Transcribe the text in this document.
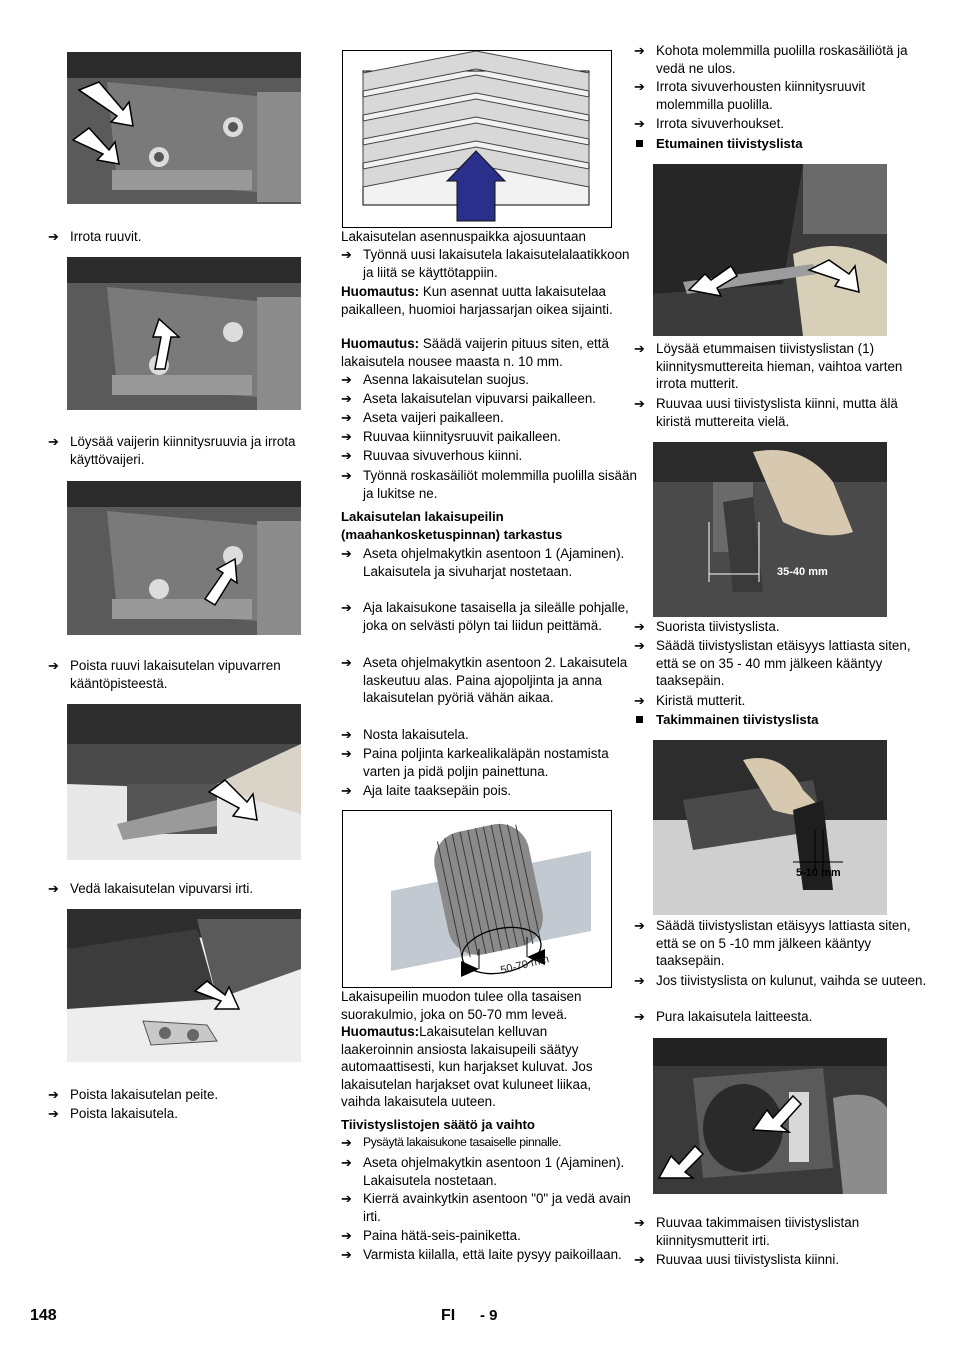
➔ Irrota ruuvit.
➔ Löysää vaijerin kiinnitysruuvia ja irrota käyttövaijeri.
➔ Poista ruuvi lakaisutelan vipuvarren kääntöpisteestä.
➔ Vedä lakaisutelan vipuvarsi irti.
➔ Poista lakaisutelan peite.
➔ Poista lakaisutela.
Lakaisutelan asennuspaikka ajosuuntaan
➔ Työnnä uusi lakaisutela lakaisutelalaatikkoon ja liitä se käyttötappiin.
Huomautus: Kun asennat uutta lakaisutelaa paikalleen, huomioi harjassarjan oikea sijainti.
Huomautus: Säädä vaijerin pituus siten, että lakaisutela nousee maasta n. 10 mm.
➔ Asenna lakaisutelan suojus.
➔ Aseta lakaisutelan vipuvarsi paikalleen.
➔ Aseta vaijeri paikalleen.
➔ Ruuvaa kiinnitysruuvit paikalleen.
➔ Ruuvaa sivuverhous kiinni.
➔ Työnnä roskasäiliöt molemmilla puolilla sisään ja lukitse ne.
Lakaisutelan lakaisupeilin (maahankosketuspinnan) tarkastus
➔ Aseta ohjelmakytkin asentoon 1 (Ajaminen). Lakaisutela ja sivuharjat nostetaan.
➔ Aja lakaisukone tasaisella ja sileälle pohjalle, joka on selvästi pölyn tai liidun peittämä.
➔ Aseta ohjelmakytkin asentoon 2. Lakaisutela laskeutuu alas. Paina ajopoljinta ja anna lakaisutelan pyöriä vähän aikaa.
➔ Nosta lakaisutela.
➔ Paina poljinta karkealikaläpän nostamista varten ja pidä poljin painettuna.
➔ Aja laite taaksepäin pois.
50-70 mm
Lakaisupeilin muodon tulee olla tasaisen suorakulmio, joka on 50-70 mm leveä.
Huomautus:Lakaisutelan kelluvan laakeroinnin ansiosta lakaisupeili säätyy automaattisesti, kun harjakset kuluvat. Jos lakaisutelan harjakset ovat kuluneet liikaa, vaihda lakaisutela uuteen.
Tiivistyslistojen säätö ja vaihto
➔ Pysäytä lakaisukone tasaiselle pinnalle.
➔ Aseta ohjelmakytkin asentoon 1 (Ajaminen). Lakaisutela nostetaan.
➔ Kierrä avainkytkin asentoon "0" ja vedä avain irti.
➔ Paina hätä-seis-painiketta.
➔ Varmista kiilalla, että laite pysyy paikoillaan.
➔ Kohota molemmilla puolilla roskasäiliötä ja vedä ne ulos.
➔ Irrota sivuverhousten kiinnitysruuvit molemmilla puolilla.
➔ Irrota sivuverhoukset.
Etumainen tiivistyslista
➔ Löysää etummaisen tiivistyslistan (1) kiinnitysmuttereita hieman, vaihtoa varten irrota mutterit.
➔ Ruuvaa uusi tiivistyslista kiinni, mutta älä kiristä muttereita vielä.
35-40 mm
➔ Suorista tiivistyslista.
➔ Säädä tiivistyslistan etäisyys lattiasta siten, että se on 35 - 40 mm jälkeen kääntyy taaksepäin.
➔ Kiristä mutterit.
Takimmainen tiivistyslista
5-10 mm
➔ Säädä tiivistyslistan etäisyys lattiasta siten, että se on 5 -10 mm jälkeen kääntyy taaksepäin.
➔ Jos tiivistyslista on kulunut, vaihda se uuteen.
➔ Pura lakaisutela laitteesta.
➔ Ruuvaa takimmaisen tiivistyslistan kiinnitysmutterit irti.
➔ Ruuvaa uusi tiivistyslista kiinni.
148	FI - 9
